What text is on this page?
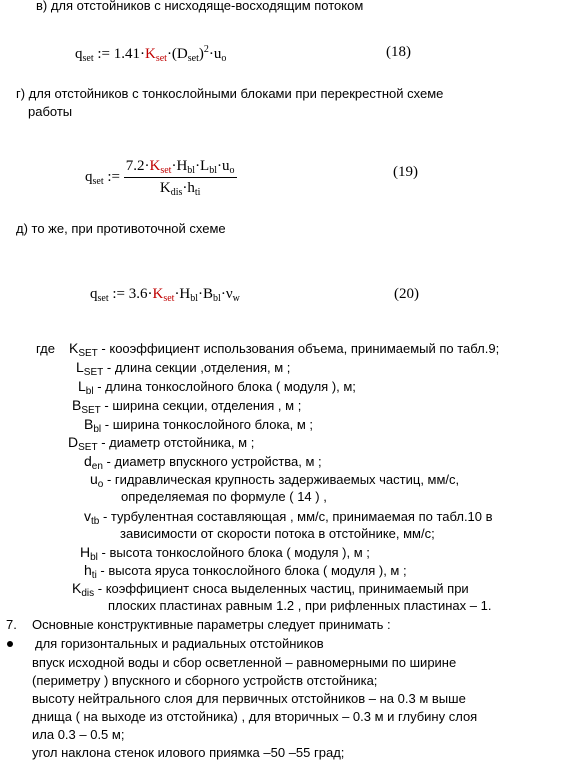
в) для отстойников с нисходяще-восходящим потоком
$q_{set}$ := $1.41\cdot K_{set}\cdot(D_{set})^2\cdot u_o$	(18)
г) для отстойников с тонкослойными блоками при перекрестной схеме
работы
$q_{set}$ := $\frac{7.2\cdot K_{set}\cdot H_{bl}\cdot L_{bl}\cdot u_o}{K_{dis}\cdot h_{ti}}$	(19)
д) то же, при противоточной схеме
$q_{set}$ := $3.6\cdot K_{set}\cdot H_{bl}\cdot B_{bl}\cdot\nu_w$	(20)
где $K_{SET}$ - кооэффициент использования объема, принимаемый по табл.9;
$L_{SET}$ - длина секции ,отделения, м ;
$L_{bl}$ - длина тонкослойного блока ( модуля ), м;
$B_{SET}$ - ширина секции, отделения , м ;
$B_{bl}$ - ширина тонкослойного блока, м ;
$D_{SET}$ - диаметр отстойника, м ;
$d_{en}$ - диаметр впускного устройства, м ;
$u_o$ - гидравлическая крупность задерживаемых частиц, мм/с,
определяемая по формуле ( 14 ) ,
$v_{tb}$ - турбулентная составляющая , мм/с, принимаемая по табл.10 в
зависимости от скорости потока в отстойнике, мм/с;
$H_{bl}$ - высота тонкослойного блока ( модуля ), м ;
$h_{ti}$ - высота яруса тонкослойного блока ( модуля ), м ;
$K_{dis}$ - коэффициент сноса выделенных частиц, принимаемый при
плоских пластинах равным 1.2 , при рифленных пластинах – 1.
7. Основные конструктивные параметры следует принимать :
для горизонтальных и радиальных отстойников
впуск исходной воды и сбор осветленной – равномерными по ширине
(периметру ) впускного и сборного устройств отстойника;
высоту нейтрального слоя для первичных отстойников – на 0.3 м выше
днища ( на выходе из отстойника) , для вторичных – 0.3 м и глубину слоя
ила 0.3 – 0.5 м;
угол наклона стенок илового приямка –50 –55 град;
